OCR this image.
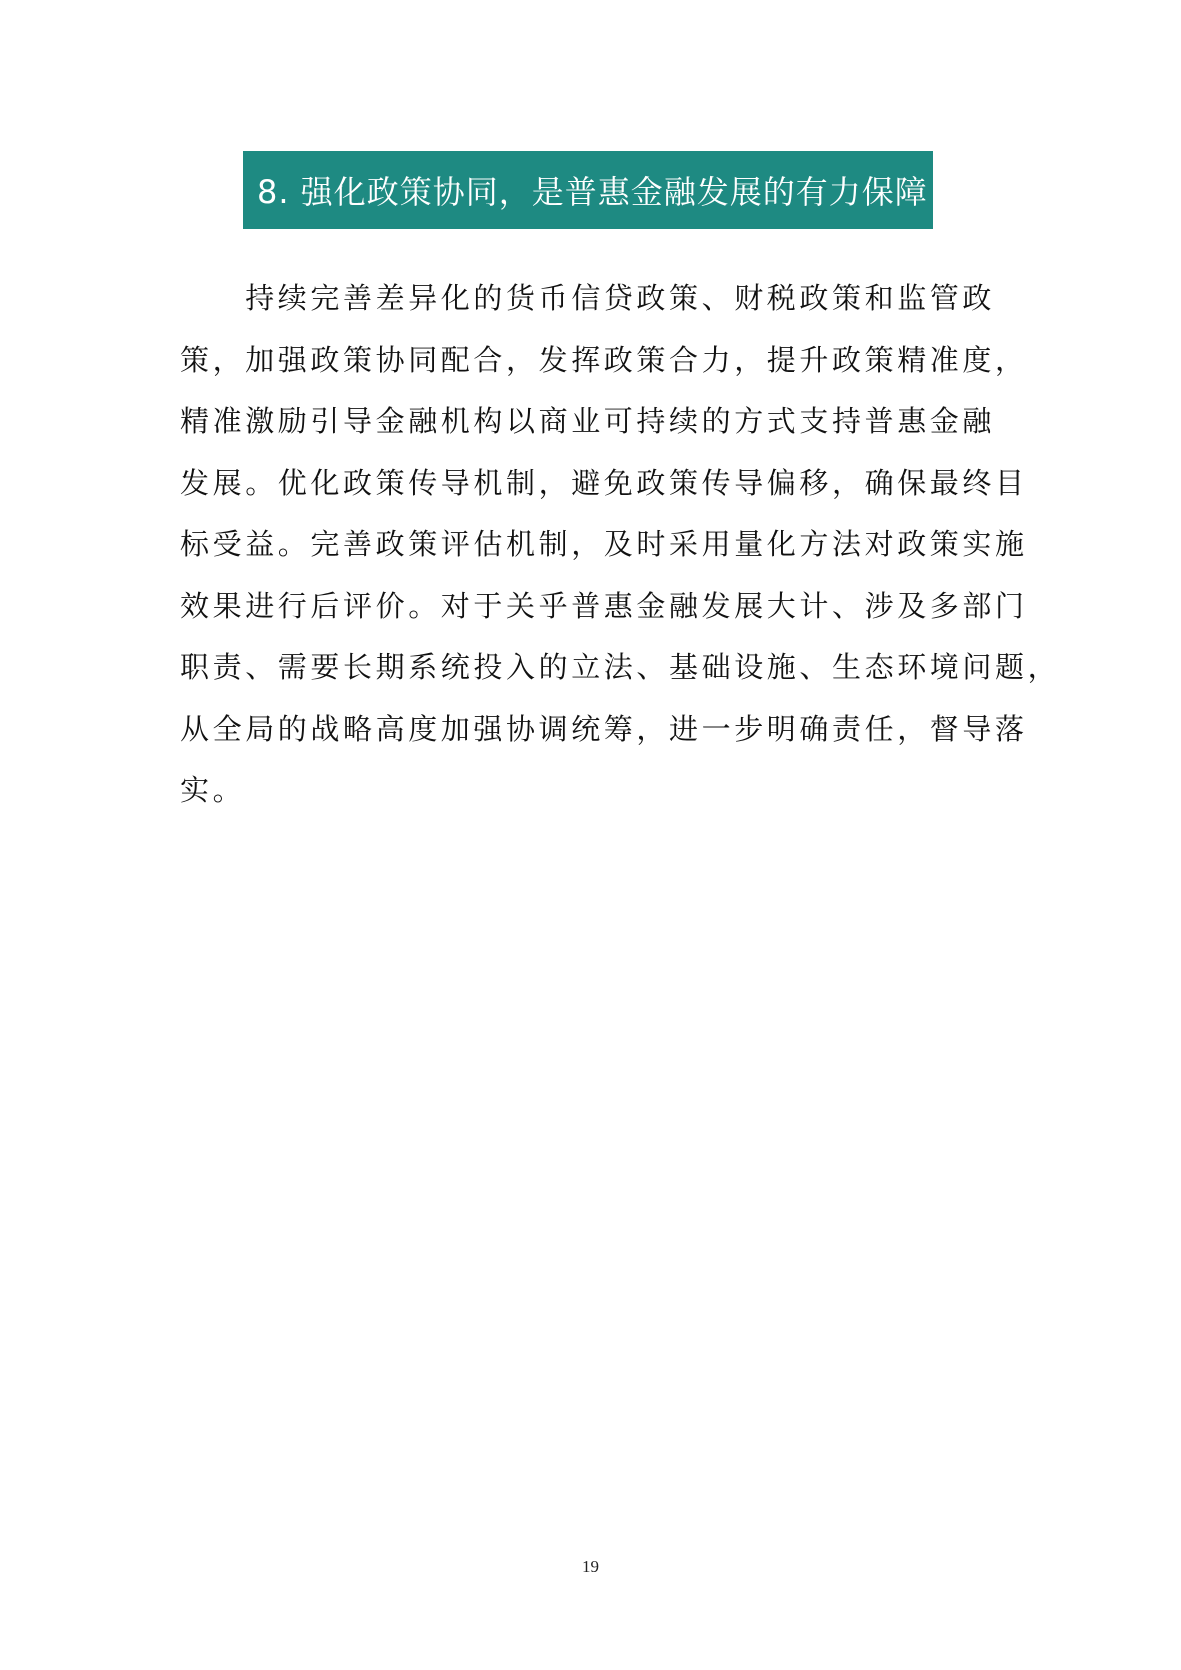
8. 强化政策协同，是普惠金融发展的有力保障

　　持续完善差异化的货币信贷政策、财税政策和监管政
策，加强政策协同配合，发挥政策合力，提升政策精准度，
精准激励引导金融机构以商业可持续的方式支持普惠金融
发展。优化政策传导机制，避免政策传导偏移，确保最终目
标受益。完善政策评估机制，及时采用量化方法对政策实施
效果进行后评价。对于关乎普惠金融发展大计、涉及多部门
职责、需要长期系统投入的立法、基础设施、生态环境问题，
从全局的战略高度加强协调统筹，进一步明确责任，督导落
实。

19
